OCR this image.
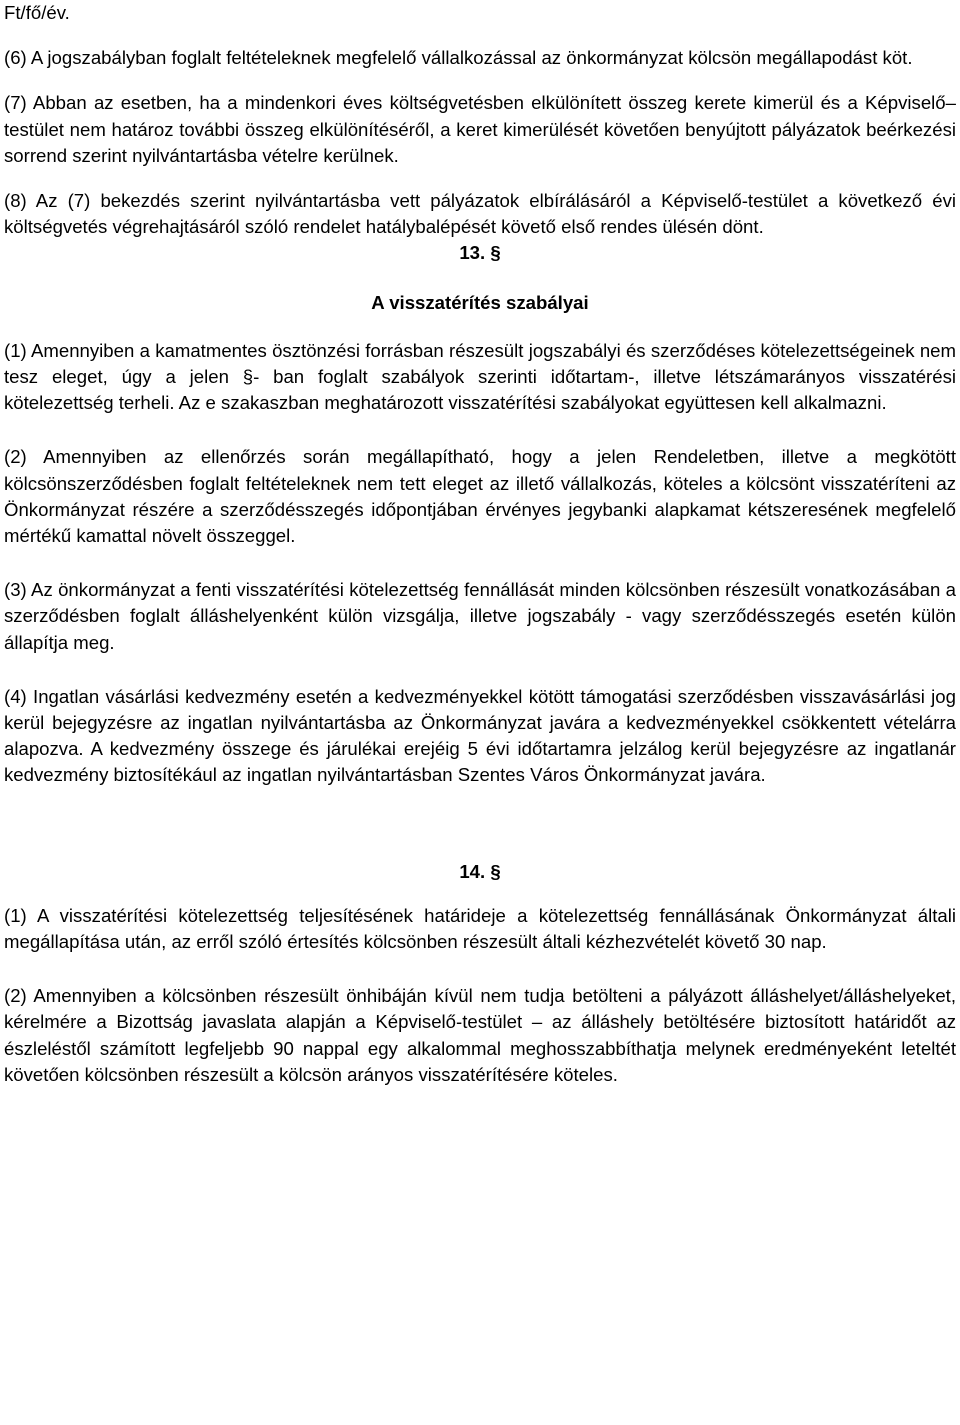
Ft/fő/év.

(6) A jogszabályban foglalt feltételeknek megfelelő vállalkozással az önkormányzat kölcsön megállapodást köt.

(7) Abban az esetben, ha a mindenkori éves költségvetésben elkülönített összeg kerete kimerül és a Képviselő–testület nem határoz további összeg elkülönítéséről, a keret kimerülését követően benyújtott pályázatok beérkezési sorrend szerint nyilvántartásba vételre kerülnek.

(8) Az (7) bekezdés szerint nyilvántartásba vett pályázatok elbírálásáról a Képviselő-testület a következő évi költségvetés végrehajtásáról szóló rendelet hatálybalépését követő első rendes ülésén dönt.

13. §

A visszatérítés szabályai

(1) Amennyiben a kamatmentes ösztönzési forrásban részesült jogszabályi és szerződéses kötelezettségeinek nem tesz eleget, úgy a jelen §- ban foglalt szabályok szerinti időtartam-, illetve létszámarányos visszatérési kötelezettség terheli. Az e szakaszban meghatározott visszatérítési szabályokat együttesen kell alkalmazni.

(2) Amennyiben az ellenőrzés során megállapítható, hogy a jelen Rendeletben, illetve a megkötött kölcsönszerződésben foglalt feltételeknek nem tett eleget az illető vállalkozás, köteles a kölcsönt visszatéríteni az Önkormányzat részére a szerződésszegés időpontjában érvényes jegybanki alapkamat kétszeresének megfelelő mértékű kamattal növelt összeggel.

(3) Az önkormányzat a fenti visszatérítési kötelezettség fennállását minden kölcsönben részesült vonatkozásában a szerződésben foglalt álláshelyenként külön vizsgálja, illetve jogszabály - vagy szerződésszegés esetén külön állapítja meg.

(4) Ingatlan vásárlási kedvezmény esetén a kedvezményekkel kötött támogatási szerződésben visszavásárlási jog kerül bejegyzésre az ingatlan nyilvántartásba az Önkormányzat javára a kedvezményekkel csökkentett vételárra alapozva. A kedvezmény összege és járulékai erejéig 5 évi időtartamra jelzálog kerül bejegyzésre az ingatlanár kedvezmény biztosítékául az ingatlan nyilvántartásban Szentes Város Önkormányzat javára.

14. §

(1) A visszatérítési kötelezettség teljesítésének határideje a kötelezettség fennállásának Önkormányzat általi megállapítása után, az erről szóló értesítés kölcsönben részesült általi kézhezvételét követő 30 nap.

(2) Amennyiben a kölcsönben részesült önhibáján kívül nem tudja betölteni a pályázott álláshelyet/álláshelyeket, kérelmére a Bizottság javaslata alapján a Képviselő-testület – az álláshely betöltésére biztosított határidőt az észleléstől számított legfeljebb 90 nappal egy alkalommal meghosszabbíthatja melynek eredményeként leteltét követően kölcsönben részesült a kölcsön arányos visszatérítésére köteles.
